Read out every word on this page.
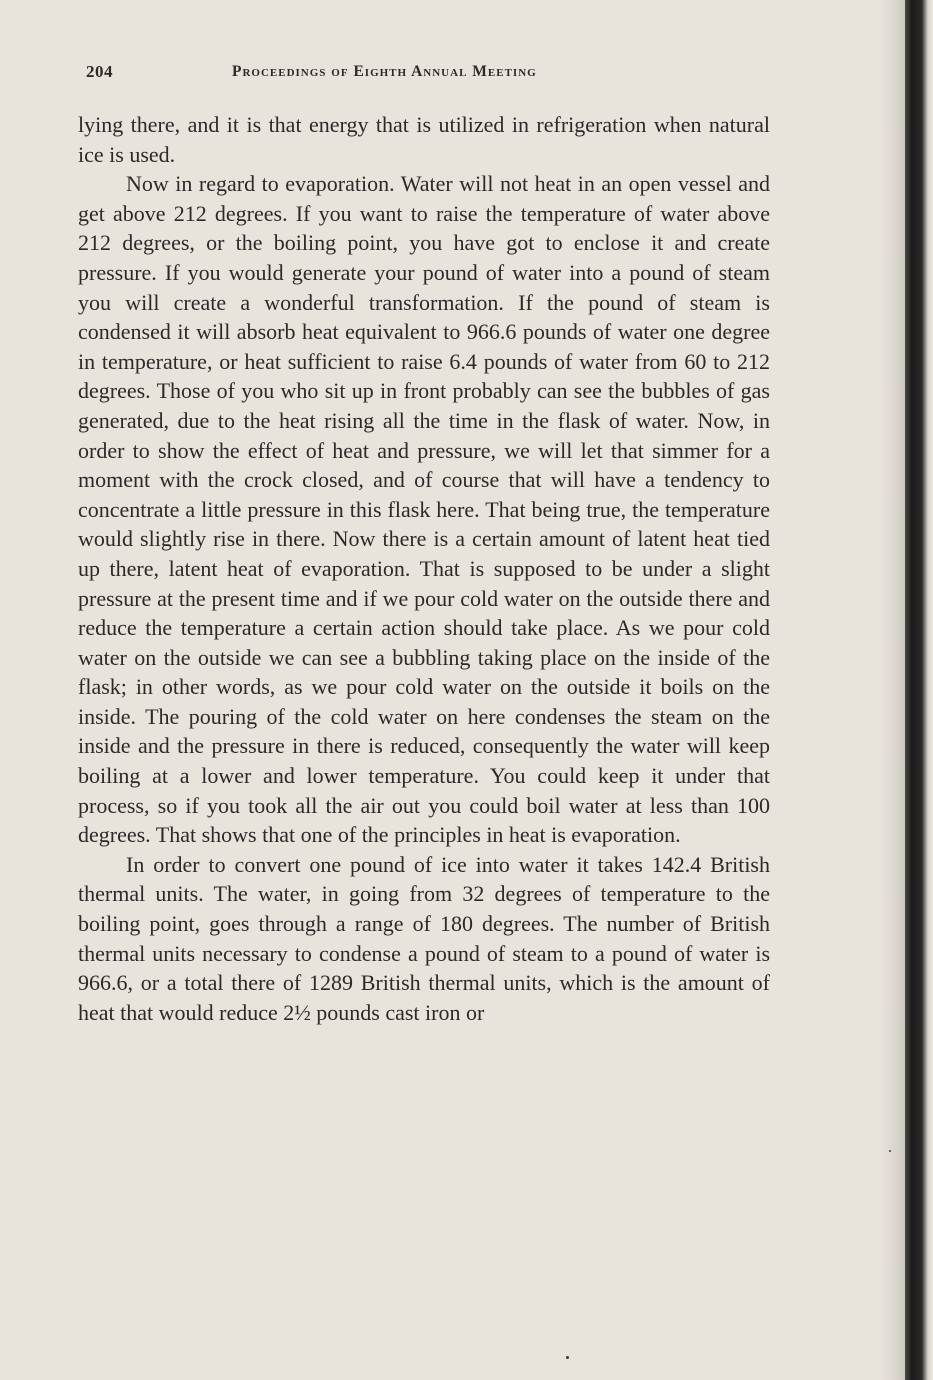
204	Proceedings of Eighth Annual Meeting

lying there, and it is that energy that is utilized in refrigeration when natural ice is used.

Now in regard to evaporation. Water will not heat in an open vessel and get above 212 degrees. If you want to raise the temperature of water above 212 degrees, or the boiling point, you have got to enclose it and create pressure. If you would generate your pound of water into a pound of steam you will create a wonderful transformation. If the pound of steam is condensed it will absorb heat equivalent to 966.6 pounds of water one degree in temperature, or heat sufficient to raise 6.4 pounds of water from 60 to 212 degrees. Those of you who sit up in front probably can see the bubbles of gas generated, due to the heat rising all the time in the flask of water. Now, in order to show the effect of heat and pressure, we will let that simmer for a moment with the crock closed, and of course that will have a tendency to concentrate a little pressure in this flask here. That being true, the temperature would slightly rise in there. Now there is a certain amount of latent heat tied up there, latent heat of evaporation. That is supposed to be under a slight pressure at the present time and if we pour cold water on the outside there and reduce the temperature a certain action should take place. As we pour cold water on the outside we can see a bubbling taking place on the inside of the flask; in other words, as we pour cold water on the outside it boils on the inside. The pouring of the cold water on here condenses the steam on the inside and the pressure in there is reduced, consequently the water will keep boiling at a lower and lower temperature. You could keep it under that process, so if you took all the air out you could boil water at less than 100 degrees. That shows that one of the principles in heat is evaporation.

In order to convert one pound of ice into water it takes 142.4 British thermal units. The water, in going from 32 degrees of temperature to the boiling point, goes through a range of 180 degrees. The number of British thermal units necessary to condense a pound of steam to a pound of water is 966.6, or a total there of 1289 British thermal units, which is the amount of heat that would reduce 2½ pounds cast iron or
